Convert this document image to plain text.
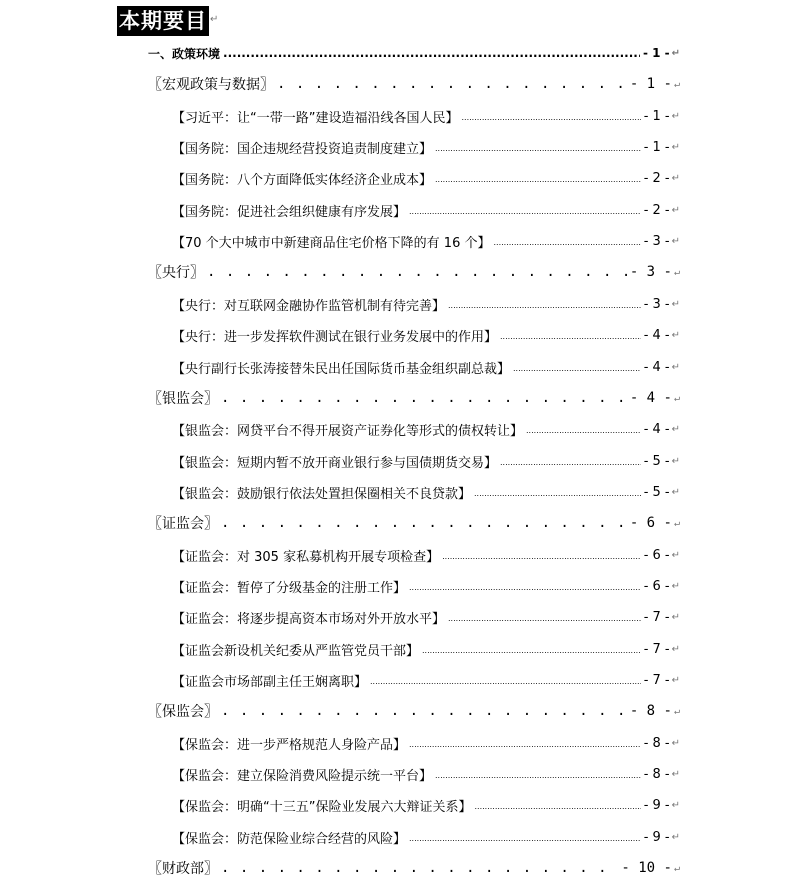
本期要目 ↵
一、政策环境 .....	- 1 - ↵
〖宏观政策与数据〗 . . .	- 1 - ↵
【习近平：让“一带一路”建设造福沿线各国人民】 .....	- 1 - ↵
【国务院：国企违规经营投资追责制度建立】 .....	- 1 - ↵
【国务院：八个方面降低实体经济企业成本】 .....	- 2 - ↵
【国务院：促进社会组织健康有序发展】 .....	- 2 - ↵
【70 个大中城市中新建商品住宅价格下降的有 16 个】 .....	- 3 - ↵
〖央行〗 . . .	- 3 - ↵
【央行：对互联网金融协作监管机制有待完善】 .....	- 3 - ↵
【央行：进一步发挥软件测试在银行业务发展中的作用】 .....	- 4 - ↵
【央行副行长张涛接替朱民出任国际货币基金组织副总裁】 .....	- 4 - ↵
〖银监会〗 . . .	- 4 - ↵
【银监会：网贷平台不得开展资产证券化等形式的债权转让】 .....	- 4 - ↵
【银监会：短期内暂不放开商业银行参与国债期货交易】 .....	- 5 - ↵
【银监会：鼓励银行依法处置担保圈相关不良贷款】 .....	- 5 - ↵
〖证监会〗 . . .	- 6 - ↵
【证监会：对 305 家私募机构开展专项检查】 .....	- 6 - ↵
【证监会：暂停了分级基金的注册工作】 .....	- 6 - ↵
【证监会：将逐步提高资本市场对外开放水平】 .....	- 7 - ↵
【证监会新设机关纪委从严监管党员干部】 .....	- 7 - ↵
【证监会市场部副主任王娴离职】 .....	- 7 - ↵
〖保监会〗 . . .	- 8 - ↵
【保监会：进一步严格规范人身险产品】 .....	- 8 - ↵
【保监会：建立保险消费风险提示统一平台】 .....	- 8 - ↵
【保监会：明确“十三五”保险业发展六大辩证关系】 .....	- 9 - ↵
【保监会：防范保险业综合经营的风险】 .....	- 9 - ↵
〖财政部〗 . . .	- 10 - ↵
